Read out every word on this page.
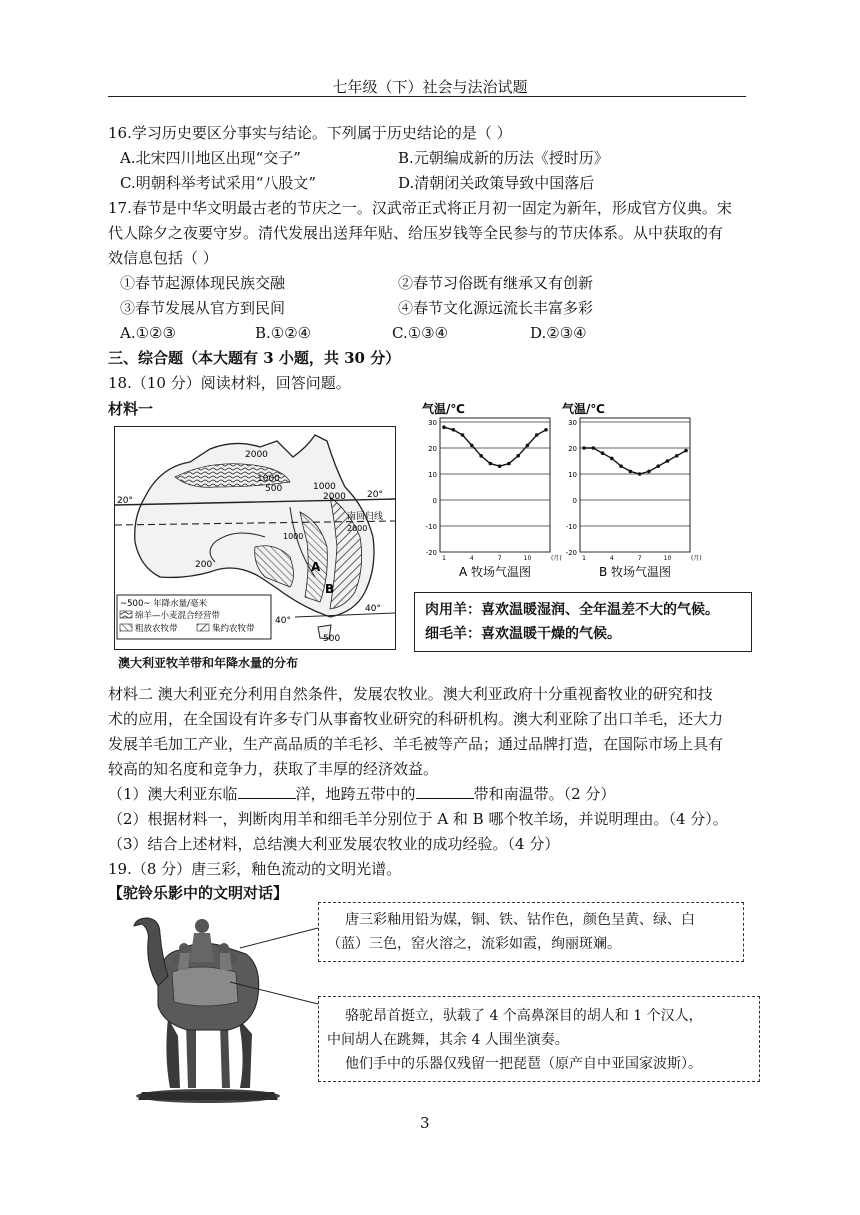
七年级（下）社会与法治试题
16.学习历史要区分事实与结论。下列属于历史结论的是（ ）
A.北宋四川地区出现“交子”	B.元朝编成新的历法《授时历》
C.明朝科举考试采用“八股文”	D.清朝闭关政策导致中国落后
17.春节是中华文明最古老的节庆之一。汉武帝正式将正月初一固定为新年，形成官方仪典。宋
代人除夕之夜要守岁。清代发展出送拜年贴、给压岁钱等全民参与的节庆体系。从中获取的有
效信息包括（ ）
①春节起源体现民族交融	②春节习俗既有继承又有创新
③春节发展从官方到民间	④春节文化源远流长丰富多彩
A.①②③	B.①②④	C.①③④	D.②③④
三、综合题（本大题有 3 小题，共 30 分）
18.（10 分）阅读材料，回答问题。
材料一
2000
1000
500
2000
1000
200
2000
1000
500
20°
20°
南回归线
40°
40°
A
B
~500~ 年降水量/毫米
绵羊—小麦混合经营带
粗放农牧带	集约农牧带
澳大利亚牧羊带和年降水量的分布
气温/℃
30
20
10
0
-10
-20
1	4	7	10	(月)
A 牧场气温图
气温/℃
30
20
10
0
-10
-20
1	4	7	10	(月)
B 牧场气温图
肉用羊：喜欢温暖湿润、全年温差不大的气候。
细毛羊：喜欢温暖干燥的气候。
材料二 澳大利亚充分利用自然条件，发展农牧业。澳大利亚政府十分重视畜牧业的研究和技
术的应用，在全国设有许多专门从事畜牧业研究的科研机构。澳大利亚除了出口羊毛，还大力
发展羊毛加工产业，生产高品质的羊毛衫、羊毛被等产品；通过品牌打造，在国际市场上具有
较高的知名度和竞争力，获取了丰厚的经济效益。
（1）澳大利亚东临	洋，地跨五带中的	带和南温带。（2 分）
（2）根据材料一，判断肉用羊和细毛羊分别位于 A 和 B 哪个牧羊场，并说明理由。（4 分）。
（3）结合上述材料，总结澳大利亚发展农牧业的成功经验。（4 分）
19.（8 分）唐三彩，釉色流动的文明光谱。
【驼铃乐影中的文明对话】
唐三彩釉用铅为媒，铜、铁、钴作色，颜色呈黄、绿、白
（蓝）三色，窑火溶之，流彩如霞，绚丽斑斓。
骆驼昂首挺立，驮载了 4 个高鼻深目的胡人和 1 个汉人，
中间胡人在跳舞，其余 4 人围坐演奏。
他们手中的乐器仅残留一把琵琶（原产自中亚国家波斯）。
3
